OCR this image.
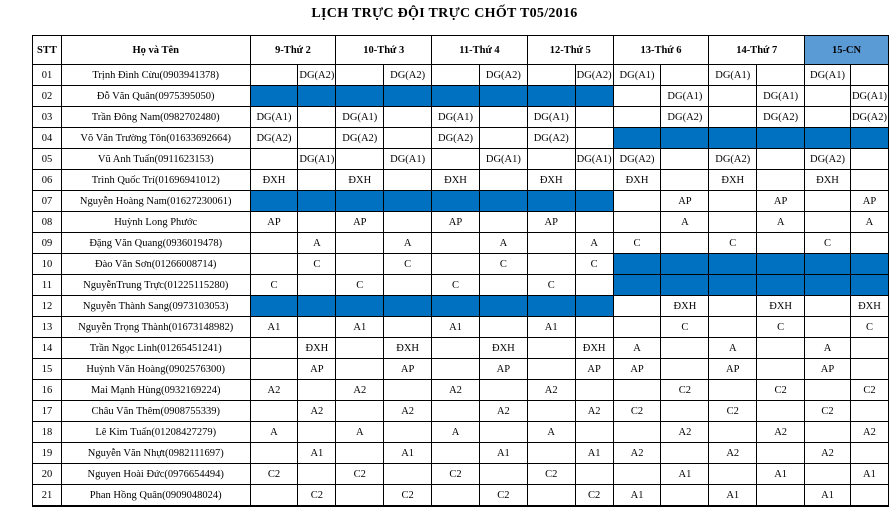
LỊCH TRỰC ĐỘI TRỰC CHỐT T05/2016
STT	Họ và Tên	9-Thứ 2		10-Thứ 3		11-Thứ 4		12-Thứ 5		13-Thứ 6		14-Thứ 7		15-CN	
01	Trịnh Đình Cừu(0903941378)		DG(A2)		DG(A2)		DG(A2)		DG(A2)	DG(A1)		DG(A1)		DG(A1)	
02	Đỗ Văn Quân(0975395050)										DG(A1)		DG(A1)		DG(A1)
03	Trần Đông Nam(0982702480)	DG(A1)		DG(A1)		DG(A1)		DG(A1)			DG(A2)		DG(A2)		DG(A2)
04	Võ Văn Trường Tôn(01633692664)	DG(A2)		DG(A2)		DG(A2)		DG(A2)							
05	Vũ Anh Tuấn(0911623153)		DG(A1)		DG(A1)		DG(A1)		DG(A1)	DG(A2)		DG(A2)		DG(A2)	
06	Trình Quốc Trí(01696941012)	ĐXH		ĐXH		ĐXH		ĐXH		ĐXH		ĐXH		ĐXH	
07	Nguyễn Hoàng Nam(01627230061)										AP		AP		AP
08	Huỳnh Long Phước	AP		AP		AP		AP			A		A		A
09	Đặng Văn Quang(0936019478)		A		A		A		A	C		C		C	
10	Đào Văn Sơn(01266008714)		C		C		C		C						
11	NguyễnTrung Trực(01225115280)	C		C		C		C							
12	Nguyễn Thành Sang(0973103053)										ĐXH		ĐXH		ĐXH
13	Nguyễn Trọng Thành(01673148982)	A1		A1		A1		A1			C		C		C
14	Trần Ngọc Linh(01265451241)		ĐXH		ĐXH		ĐXH		ĐXH	A		A		A	
15	Huỳnh Văn Hoàng(0902576300)		AP		AP		AP		AP	AP		AP		AP	
16	Mai Mạnh Hùng(0932169224)	A2		A2		A2		A2			C2		C2		C2
17	Châu Văn Thêm(0908755339)		A2		A2		A2		A2	C2		C2		C2	
18	Lê Kim Tuấn(01208427279)	A		A		A		A			A2		A2		A2
19	Nguyễn Văn Nhựt(0982111697)		A1		A1		A1		A1	A2		A2		A2	
20	Nguyen Hoài Đức(0976654494)	C2		C2		C2		C2			A1		A1		A1
21	Phan Hồng Quân(0909048024)		C2		C2		C2		C2	A1		A1		A1	
